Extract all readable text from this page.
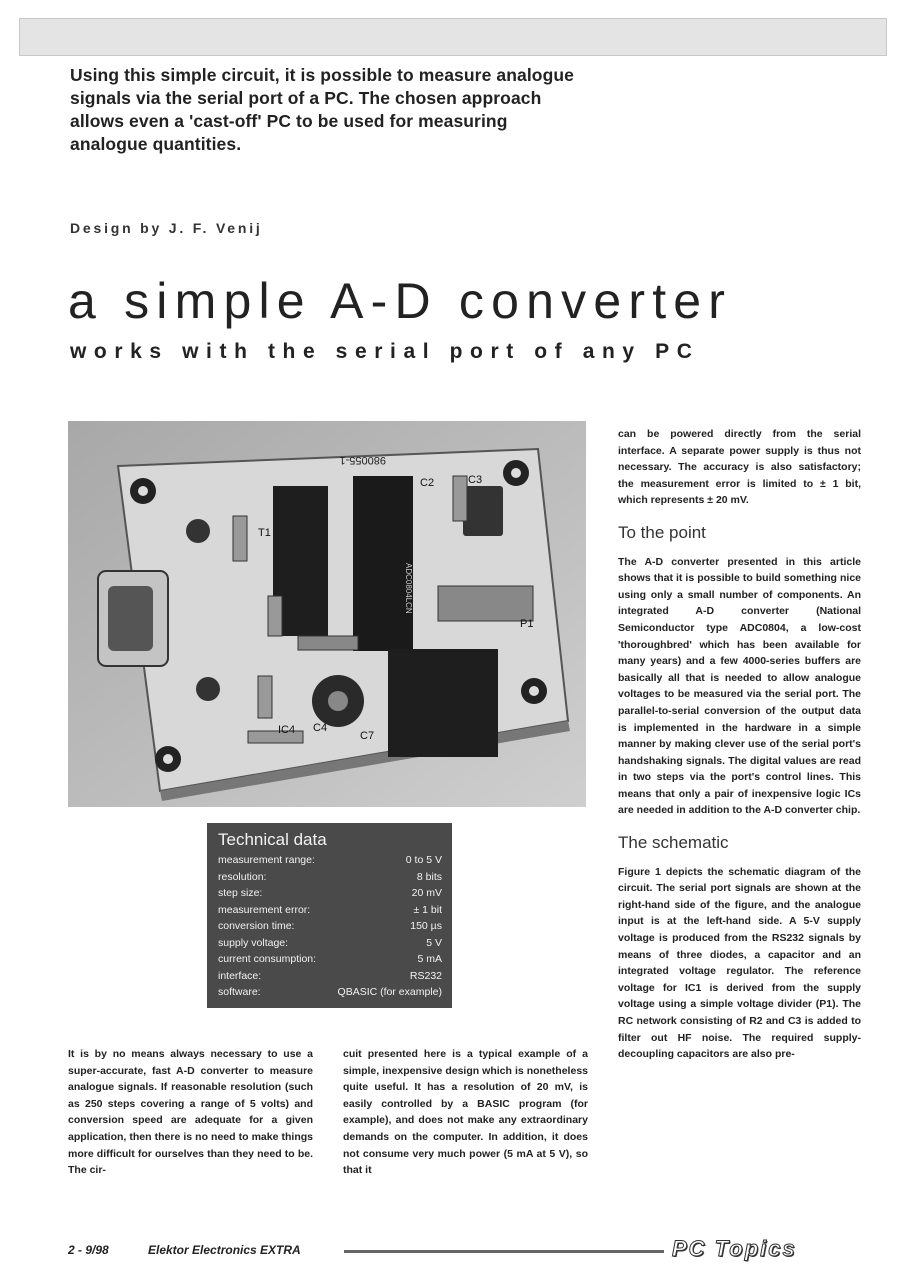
Using this simple circuit, it is possible to measure analogue signals via the serial port of a PC. The chosen approach allows even a 'cast-off' PC to be used for measuring analogue quantities.
Design by J. F. Venij
a simple A-D converter
works with the serial port of any PC
980055-1
T1
C2	C3
C4
C7
IC4
P1
ADC0804LCN
Technical data
measurement range:	0 to 5 V
resolution:	8 bits
step size:	20 mV
measurement error:	± 1 bit
conversion time:	150 µs
supply voltage:	5 V
current consumption:	5 mA
interface:	RS232
software:	QBASIC (for example)

It is by no means always necessary to use a super-accurate, fast A-D converter to measure analogue signals. If reasonable resolution (such as 250 steps covering a range of 5 volts) and conversion speed are adequate for a given application, then there is no need to make things more difficult for ourselves than they need to be. The cir-

cuit presented here is a typical example of a simple, inexpensive design which is nonetheless quite useful. It has a resolution of 20 mV, is easily controlled by a BASIC program (for example), and does not make any extraordinary demands on the computer. In addition, it does not consume very much power (5 mA at 5 V), so that it

can be powered directly from the serial interface. A separate power supply is thus not necessary. The accuracy is also satisfactory; the measurement error is limited to ± 1 bit, which represents ± 20 mV.

To the point

The A-D converter presented in this article shows that it is possible to build something nice using only a small number of components. An integrated A-D converter (National Semiconductor type ADC0804, a low-cost 'thoroughbred' which has been available for many years) and a few 4000-series buffers are basically all that is needed to allow analogue voltages to be measured via the serial port. The parallel-to-serial conversion of the output data is implemented in the hardware in a simple manner by making clever use of the serial port's handshaking signals. The digital values are read in two steps via the port's control lines. This means that only a pair of inexpensive logic ICs are needed in addition to the A-D converter chip.

The schematic

Figure 1 depicts the schematic diagram of the circuit. The serial port signals are shown at the right-hand side of the figure, and the analogue input is at the left-hand side. A 5-V supply voltage is produced from the RS232 signals by means of three diodes, a capacitor and an integrated voltage regulator. The reference voltage for IC1 is derived from the supply voltage using a simple voltage divider (P1). The RC network consisting of R2 and C3 is added to filter out HF noise. The required supply-decoupling capacitors are also pre-

2 - 9/98	Elektor Electronics EXTRA	PC Topics
